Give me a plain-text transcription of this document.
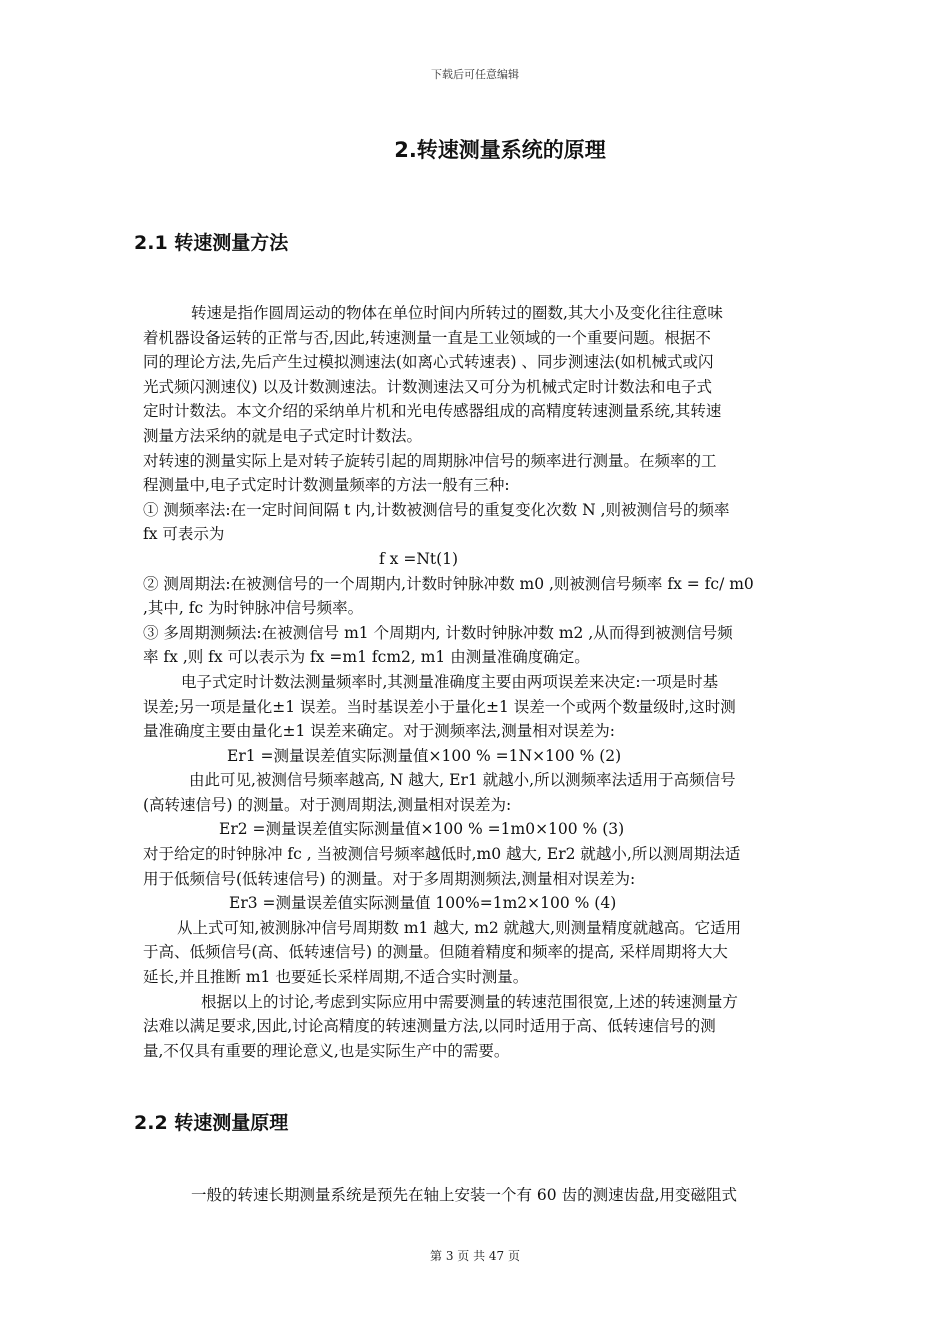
下载后可任意编辑
2.转速测量系统的原理
2.1 转速测量方法
转速是指作圆周运动的物体在单位时间内所转过的圈数,其大小及变化往往意味
着机器设备运转的正常与否,因此,转速测量一直是工业领域的一个重要问题。根据不
同的理论方法,先后产生过模拟测速法(如离心式转速表) 、同步测速法(如机械式或闪
光式频闪测速仪) 以及计数测速法。计数测速法又可分为机械式定时计数法和电子式
定时计数法。本文介绍的采纳单片机和光电传感器组成的高精度转速测量系统,其转速
测量方法采纳的就是电子式定时计数法。
对转速的测量实际上是对转子旋转引起的周期脉冲信号的频率进行测量。在频率的工
程测量中,电子式定时计数测量频率的方法一般有三种:
① 测频率法:在一定时间间隔 t 内,计数被测信号的重复变化次数 N ,则被测信号的频率
fx 可表示为
f x =Nt(1)
② 测周期法:在被测信号的一个周期内,计数时钟脉冲数 m0 ,则被测信号频率 fx = fc/ m0
,其中, fc 为时钟脉冲信号频率。
③ 多周期测频法:在被测信号 m1 个周期内, 计数时钟脉冲数 m2 ,从而得到被测信号频
率 fx ,则 fx 可以表示为 fx =m1 fcm2, m1 由测量准确度确定。
电子式定时计数法测量频率时,其测量准确度主要由两项误差来决定:一项是时基
误差;另一项是量化±1 误差。当时基误差小于量化±1 误差一个或两个数量级时,这时测
量准确度主要由量化±1 误差来确定。对于测频率法,测量相对误差为:
Er1 =测量误差值实际测量值×100 % =1N×100 % (2)
由此可见,被测信号频率越高, N 越大, Er1 就越小,所以测频率法适用于高频信号
(高转速信号) 的测量。对于测周期法,测量相对误差为:
Er2 =测量误差值实际测量值×100 % =1m0×100 % (3)
对于给定的时钟脉冲 fc , 当被测信号频率越低时,m0 越大, Er2 就越小,所以测周期法适
用于低频信号(低转速信号) 的测量。对于多周期测频法,测量相对误差为:
Er3 =测量误差值实际测量值 100%=1m2×100 % (4)
从上式可知,被测脉冲信号周期数 m1 越大, m2 就越大,则测量精度就越高。它适用
于高、低频信号(高、低转速信号) 的测量。但随着精度和频率的提高, 采样周期将大大
延长,并且推断 m1 也要延长采样周期,不适合实时测量。
根据以上的讨论,考虑到实际应用中需要测量的转速范围很宽,上述的转速测量方
法难以满足要求,因此,讨论高精度的转速测量方法,以同时适用于高、低转速信号的测
量,不仅具有重要的理论意义,也是实际生产中的需要。
2.2 转速测量原理
一般的转速长期测量系统是预先在轴上安装一个有 60 齿的测速齿盘,用变磁阻式
第 3 页 共 47 页
